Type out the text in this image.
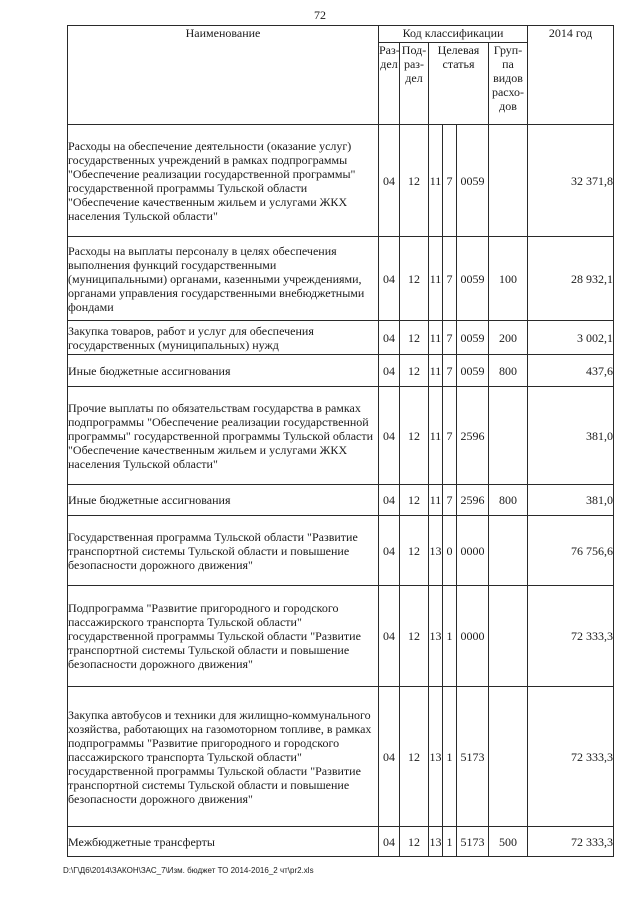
72
Наименование	Код классификации						2014 год
	Раз- дел	Под- раз- дел	Целевая статья			Груп- па видов расхо- дов	
Расходы на обеспечение деятельности (оказание услуг) государственных учреждений в рамках подпрограммы "Обеспечение реализации государственной программы" государственной программы Тульской области "Обеспечение качественным жильем и услугами ЖКХ населения Тульской области"	04	12	11	7	0059		32 371,8
Расходы на выплаты персоналу в целях обеспечения выполнения функций государственными (муниципальными) органами, казенными учреждениями, органами управления государственными внебюджетными фондами	04	12	11	7	0059	100	28 932,1
Закупка товаров, работ и услуг для обеспечения государственных (муниципальных) нужд	04	12	11	7	0059	200	3 002,1
Иные бюджетные ассигнования	04	12	11	7	0059	800	437,6
Прочие выплаты по обязательствам государства в рамках подпрограммы "Обеспечение реализации государственной программы" государственной программы Тульской области "Обеспечение качественным жильем и услугами ЖКХ населения Тульской области"	04	12	11	7	2596		381,0
Иные бюджетные ассигнования	04	12	11	7	2596	800	381,0
Государственная программа Тульской области "Развитие транспортной системы Тульской области и повышение безопасности дорожного движения"	04	12	13	0	0000		76 756,6
Подпрограмма "Развитие пригородного и городского пассажирского транспорта Тульской области" государственной программы Тульской области "Развитие транспортной системы Тульской области и повышение безопасности дорожного движения"	04	12	13	1	0000		72 333,3
Закупка автобусов и техники для жилищно-коммунального хозяйства, работающих на газомоторном топливе, в рамках подпрограммы "Развитие пригородного и городского пассажирского транспорта Тульской области" государственной программы Тульской области "Развитие транспортной системы Тульской области и повышение безопасности дорожного движения"	04	12	13	1	5173		72 333,3
Межбюджетные трансферты	04	12	13	1	5173	500	72 333,3
D:\Г\Д6\2014\ЗАКОН\ЗАС_7\Изм. бюджет ТО 2014-2016_2 чт\pr2.xls
